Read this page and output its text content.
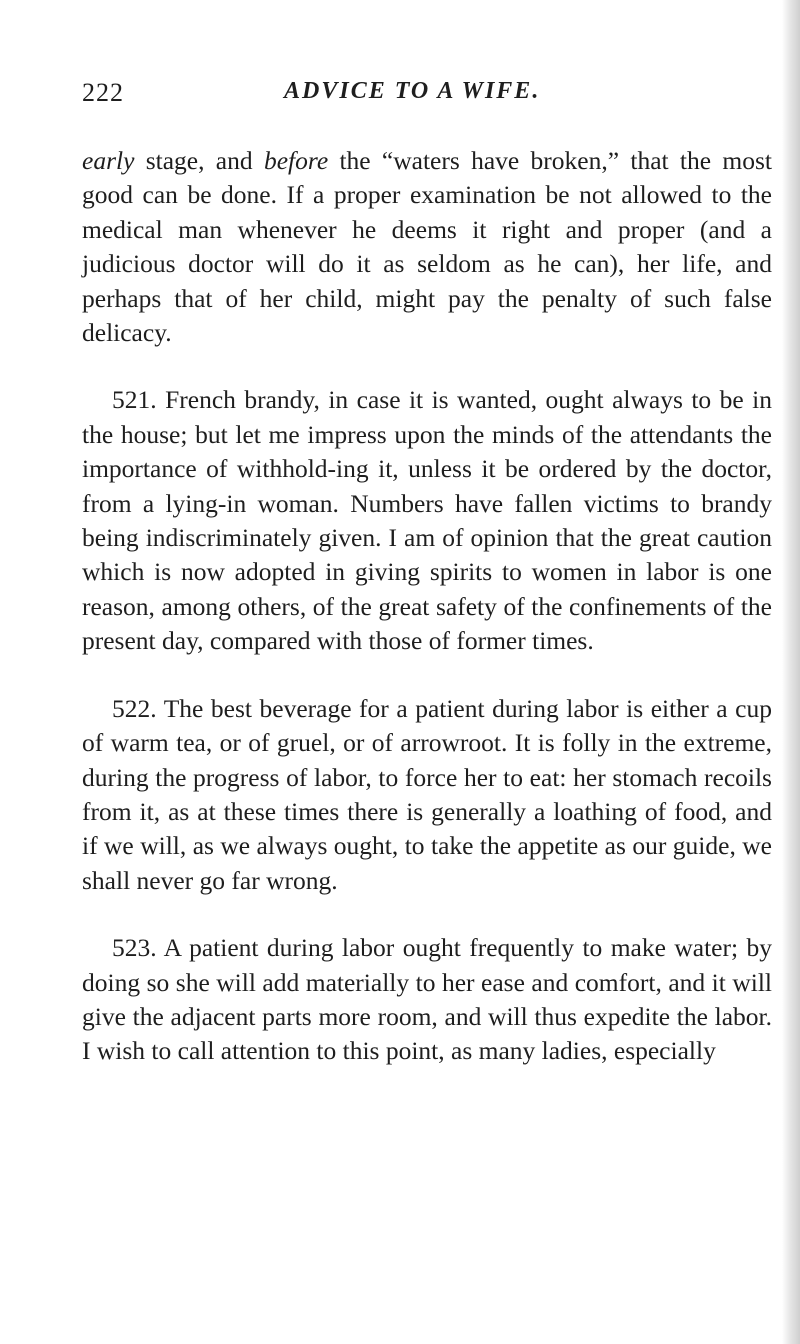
222	ADVICE TO A WIFE.

early stage, and before the “waters have broken,” that the most good can be done. If a proper examination be not allowed to the medical man whenever he deems it right and proper (and a judicious doctor will do it as seldom as he can), her life, and perhaps that of her child, might pay the penalty of such false delicacy.

521. French brandy, in case it is wanted, ought always to be in the house; but let me impress upon the minds of the attendants the importance of withhold-ing it, unless it be ordered by the doctor, from a lying-in woman. Numbers have fallen victims to brandy being indiscriminately given. I am of opinion that the great caution which is now adopted in giving spirits to women in labor is one reason, among others, of the great safety of the confinements of the present day, compared with those of former times.

522. The best beverage for a patient during labor is either a cup of warm tea, or of gruel, or of arrowroot. It is folly in the extreme, during the progress of labor, to force her to eat: her stomach recoils from it, as at these times there is generally a loathing of food, and if we will, as we always ought, to take the appetite as our guide, we shall never go far wrong.

523. A patient during labor ought frequently to make water; by doing so she will add materially to her ease and comfort, and it will give the adjacent parts more room, and will thus expedite the labor. I wish to call attention to this point, as many ladies, especially
